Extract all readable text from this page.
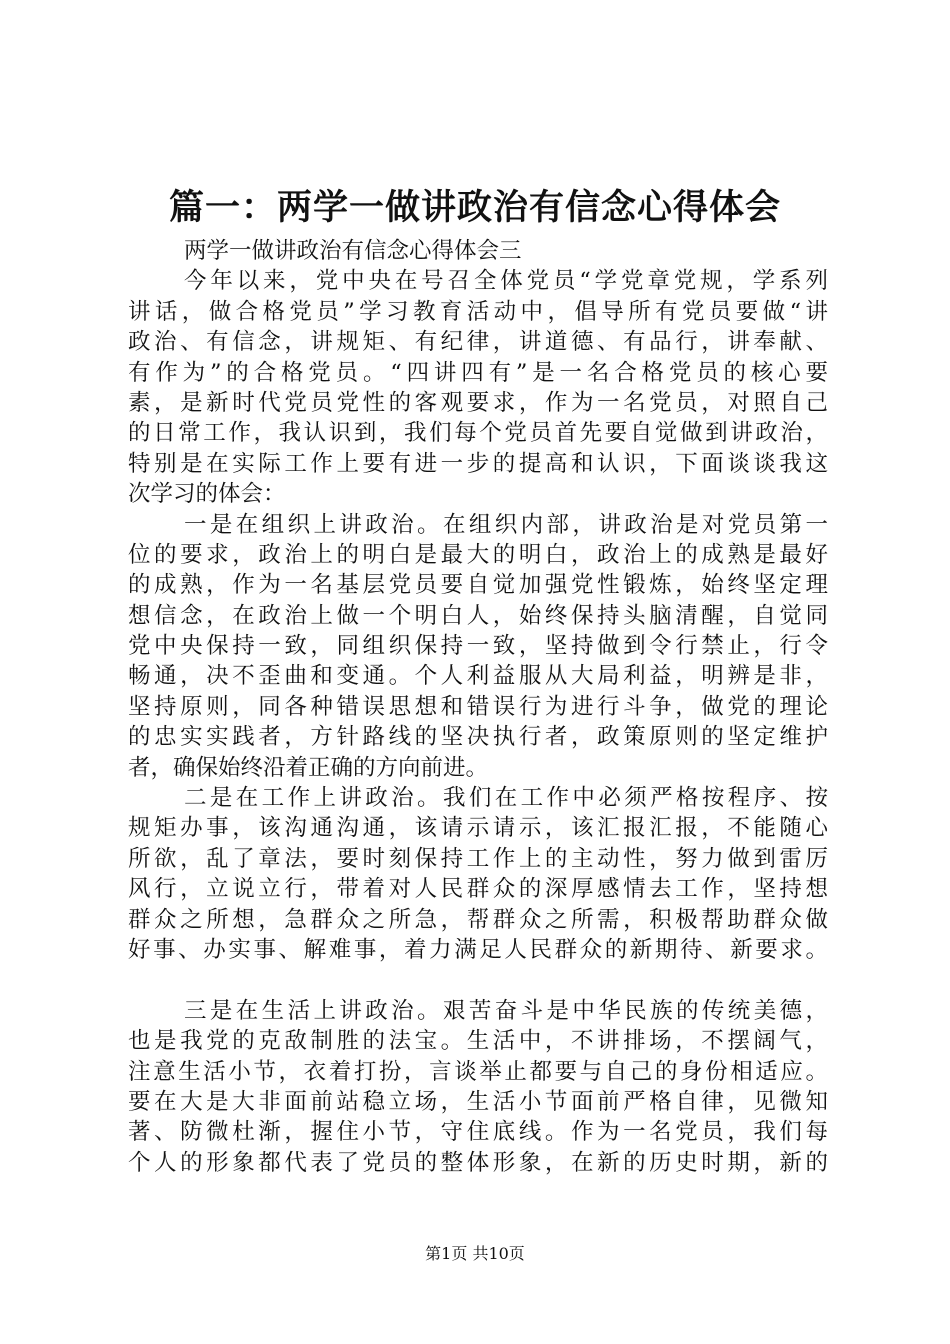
篇一：两学一做讲政治有信念心得体会
两学一做讲政治有信念心得体会三
今年以来，党中央在号召全体党员“学党章党规，学系列
讲话，做合格党员”学习教育活动中，倡导所有党员要做“讲
政治、有信念，讲规矩、有纪律，讲道德、有品行，讲奉献、
有作为”的合格党员。“四讲四有”是一名合格党员的核心要
素，是新时代党员党性的客观要求，作为一名党员，对照自己
的日常工作，我认识到，我们每个党员首先要自觉做到讲政治，
特别是在实际工作上要有进一步的提高和认识，下面谈谈我这
次学习的体会：
一是在组织上讲政治。在组织内部，讲政治是对党员第一
位的要求，政治上的明白是最大的明白，政治上的成熟是最好
的成熟，作为一名基层党员要自觉加强党性锻炼，始终坚定理
想信念，在政治上做一个明白人，始终保持头脑清醒，自觉同
党中央保持一致，同组织保持一致，坚持做到令行禁止，行令
畅通，决不歪曲和变通。个人利益服从大局利益，明辨是非，
坚持原则，同各种错误思想和错误行为进行斗争，做党的理论
的忠实实践者，方针路线的坚决执行者，政策原则的坚定维护
者，确保始终沿着正确的方向前进。
二是在工作上讲政治。我们在工作中必须严格按程序、按
规矩办事，该沟通沟通，该请示请示，该汇报汇报，不能随心
所欲，乱了章法，要时刻保持工作上的主动性，努力做到雷厉
风行，立说立行，带着对人民群众的深厚感情去工作，坚持想
群众之所想，急群众之所急，帮群众之所需，积极帮助群众做
好事、办实事、解难事，着力满足人民群众的新期待、新要求。
三是在生活上讲政治。艰苦奋斗是中华民族的传统美德，
也是我党的克敌制胜的法宝。生活中，不讲排场，不摆阔气，
注意生活小节，衣着打扮，言谈举止都要与自己的身份相适应。
要在大是大非面前站稳立场，生活小节面前严格自律，见微知
著、防微杜渐，握住小节，守住底线。作为一名党员，我们每
个人的形象都代表了党员的整体形象，在新的历史时期，新的
第1页 共10页
